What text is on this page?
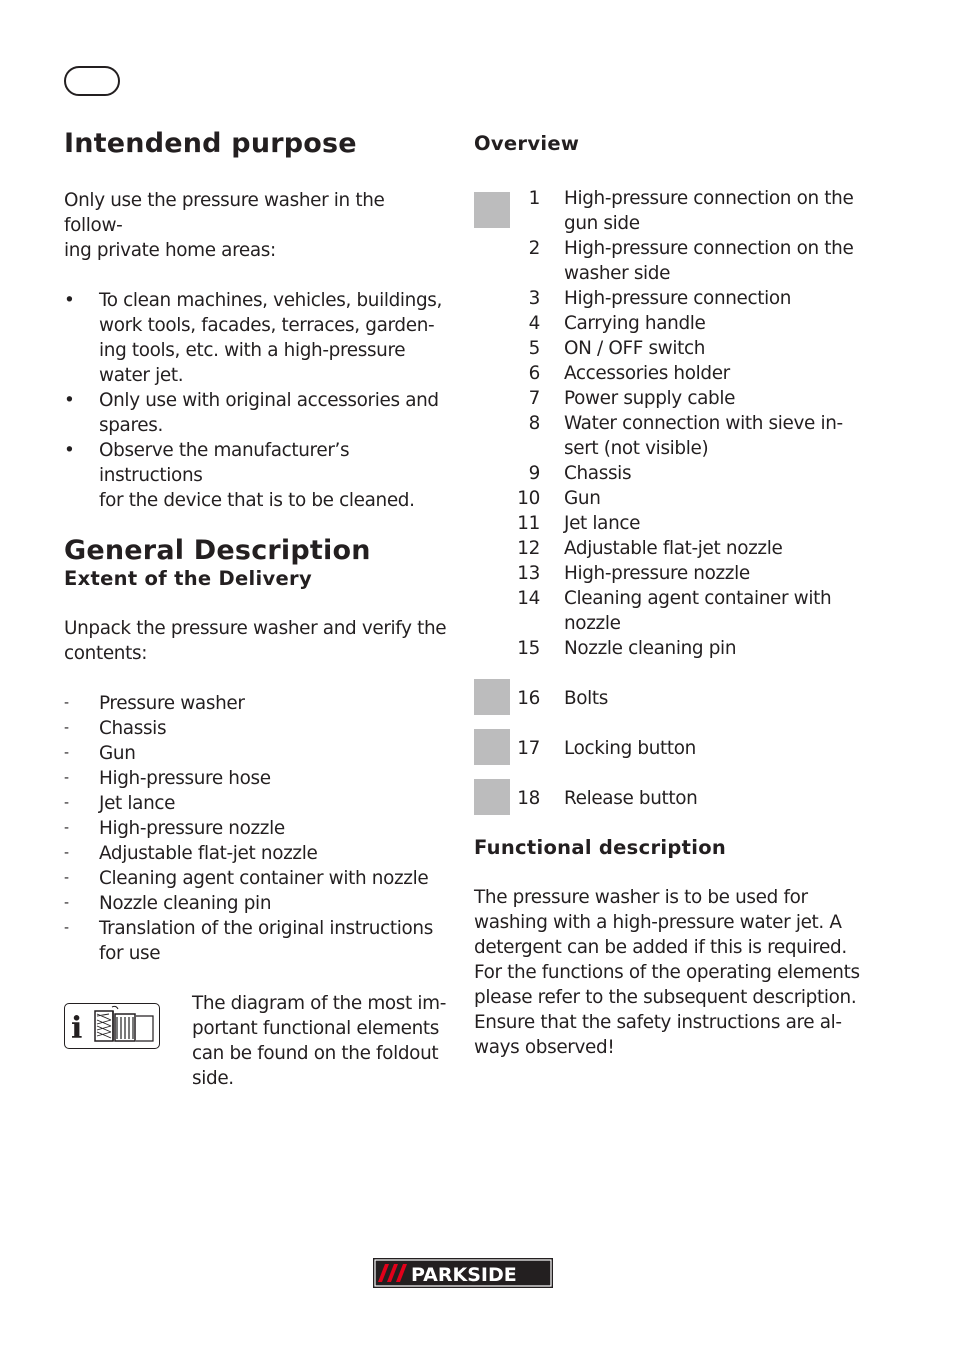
Intendend purpose
Only use the pressure washer in the follow-
ing private home areas:
• To clean machines, vehicles, buildings,
work tools, facades, terraces, garden-
ing tools, etc. with a high-pressure
water jet.
• Only use with original accessories and
spares.
• Observe the manufacturer’s instructions
for the device that is to be cleaned.
General Description
Extent of the Delivery
Unpack the pressure washer and verify the
contents:
- Pressure washer
- Chassis
- Gun
- High-pressure hose
- Jet lance
- High-pressure nozzle
- Adjustable flat-jet nozzle
- Cleaning agent container with nozzle
- Nozzle cleaning pin
- Translation of the original instructions
for use
i
The diagram of the most im-
portant functional elements
can be found on the foldout
side.
Overview
1 High-pressure connection on the
gun side
2 High-pressure connection on the
washer side
3 High-pressure connection
4 Carrying handle
5 ON / OFF switch
6 Accessories holder
7 Power supply cable
8 Water connection with sieve in-
sert (not visible)
9 Chassis
10 Gun
11 Jet lance
12 Adjustable flat-jet nozzle
13 High-pressure nozzle
14 Cleaning agent container with
nozzle
15 Nozzle cleaning pin
16 Bolts
17 Locking button
18 Release button
Functional description
The pressure washer is to be used for
washing with a high-pressure water jet. A
detergent can be added if this is required.
For the functions of the operating elements
please refer to the subsequent description.
Ensure that the safety instructions are al-
ways observed!
PARKSIDE
